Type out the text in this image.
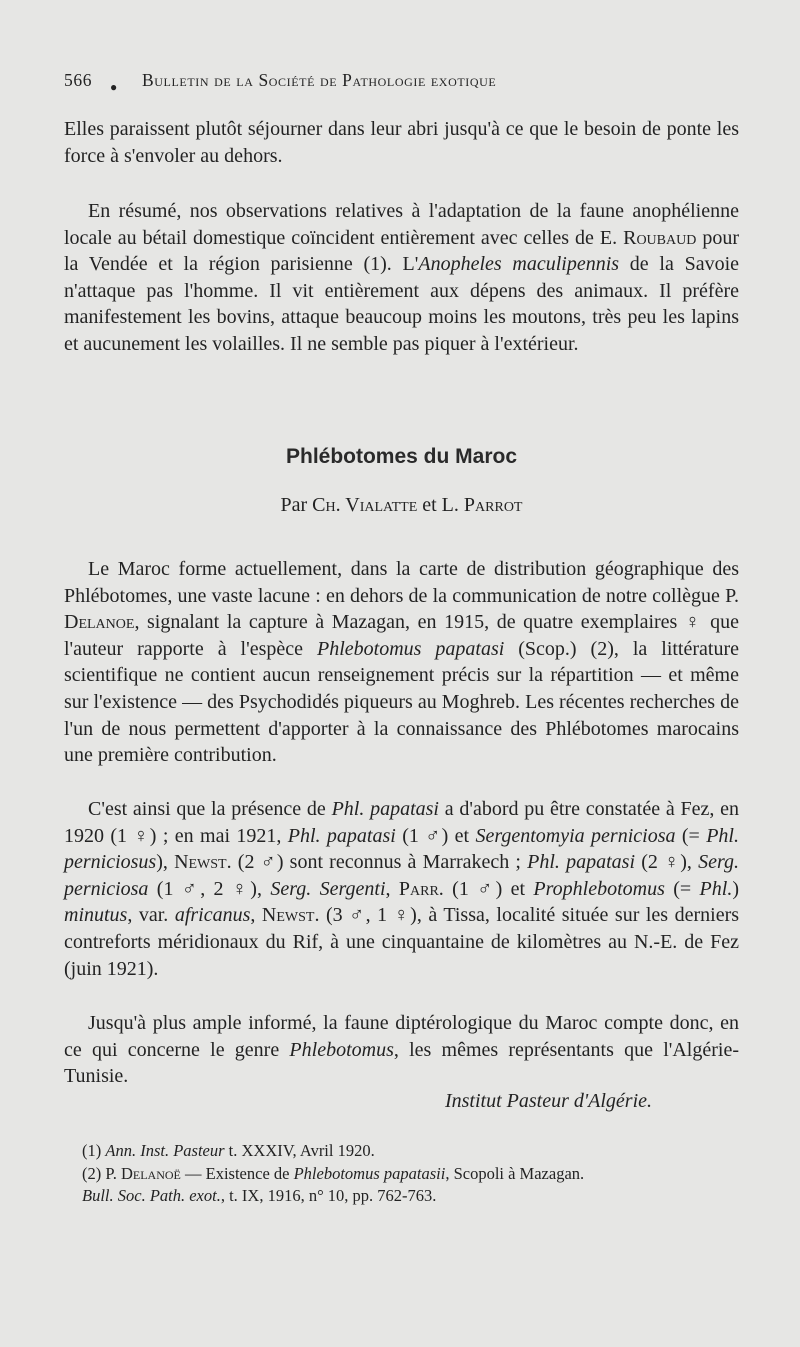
566 ● Bulletin de la Société de Pathologie exotique

Elles paraissent plutôt séjourner dans leur abri jusqu'à ce que le besoin de ponte les force à s'envoler au dehors.

En résumé, nos observations relatives à l'adaptation de la faune anophélienne locale au bétail domestique coïncident entièrement avec celles de E. Roubaud pour la Vendée et la région parisienne (1). L'Anopheles maculipennis de la Savoie n'attaque pas l'homme. Il vit entièrement aux dépens des animaux. Il préfère manifestement les bovins, attaque beaucoup moins les moutons, très peu les lapins et aucunement les volailles. Il ne semble pas piquer à l'extérieur.

Phlébotomes du Maroc
Par Ch. Vialatte et L. Parrot

Le Maroc forme actuellement, dans la carte de distribution géographique des Phlébotomes, une vaste lacune : en dehors de la communication de notre collègue P. Delanoe, signalant la capture à Mazagan, en 1915, de quatre exemplaires ♀ que l'auteur rapporte à l'espèce Phlebotomus papatasi (Scop.) (2), la littérature scientifique ne contient aucun renseignement précis sur la répartition — et même sur l'existence — des Psychodidés piqueurs au Moghreb. Les récentes recherches de l'un de nous permettent d'apporter à la connaissance des Phlébotomes marocains une première contribution.

C'est ainsi que la présence de Phl. papatasi a d'abord pu être constatée à Fez, en 1920 (1 ♀) ; en mai 1921, Phl. papatasi (1 ♂) et Sergentomyia perniciosa (= Phl. perniciosus), Newst. (2 ♂) sont reconnus à Marrakech ; Phl. papatasi (2 ♀), Serg. perniciosa (1 ♂, 2 ♀), Serg. Sergenti, Parr. (1 ♂) et Prophlebotomus (= Phl.) minutus, var. africanus, Newst. (3 ♂, 1 ♀), à Tissa, localité située sur les derniers contreforts méridionaux du Rif, à une cinquantaine de kilomètres au N.-E. de Fez (juin 1921).

Jusqu'à plus ample informé, la faune diptérologique du Maroc compte donc, en ce qui concerne le genre Phlebotomus, les mêmes représentants que l'Algérie-Tunisie.

Institut Pasteur d'Algérie.

(1) Ann. Inst. Pasteur t. XXXIV, Avril 1920.

(2) P. Delanoë — Existence de Phlebotomus papatasii, Scopoli à Mazagan.
Bull. Soc. Path. exot., t. IX, 1916, n° 10, pp. 762-763.
